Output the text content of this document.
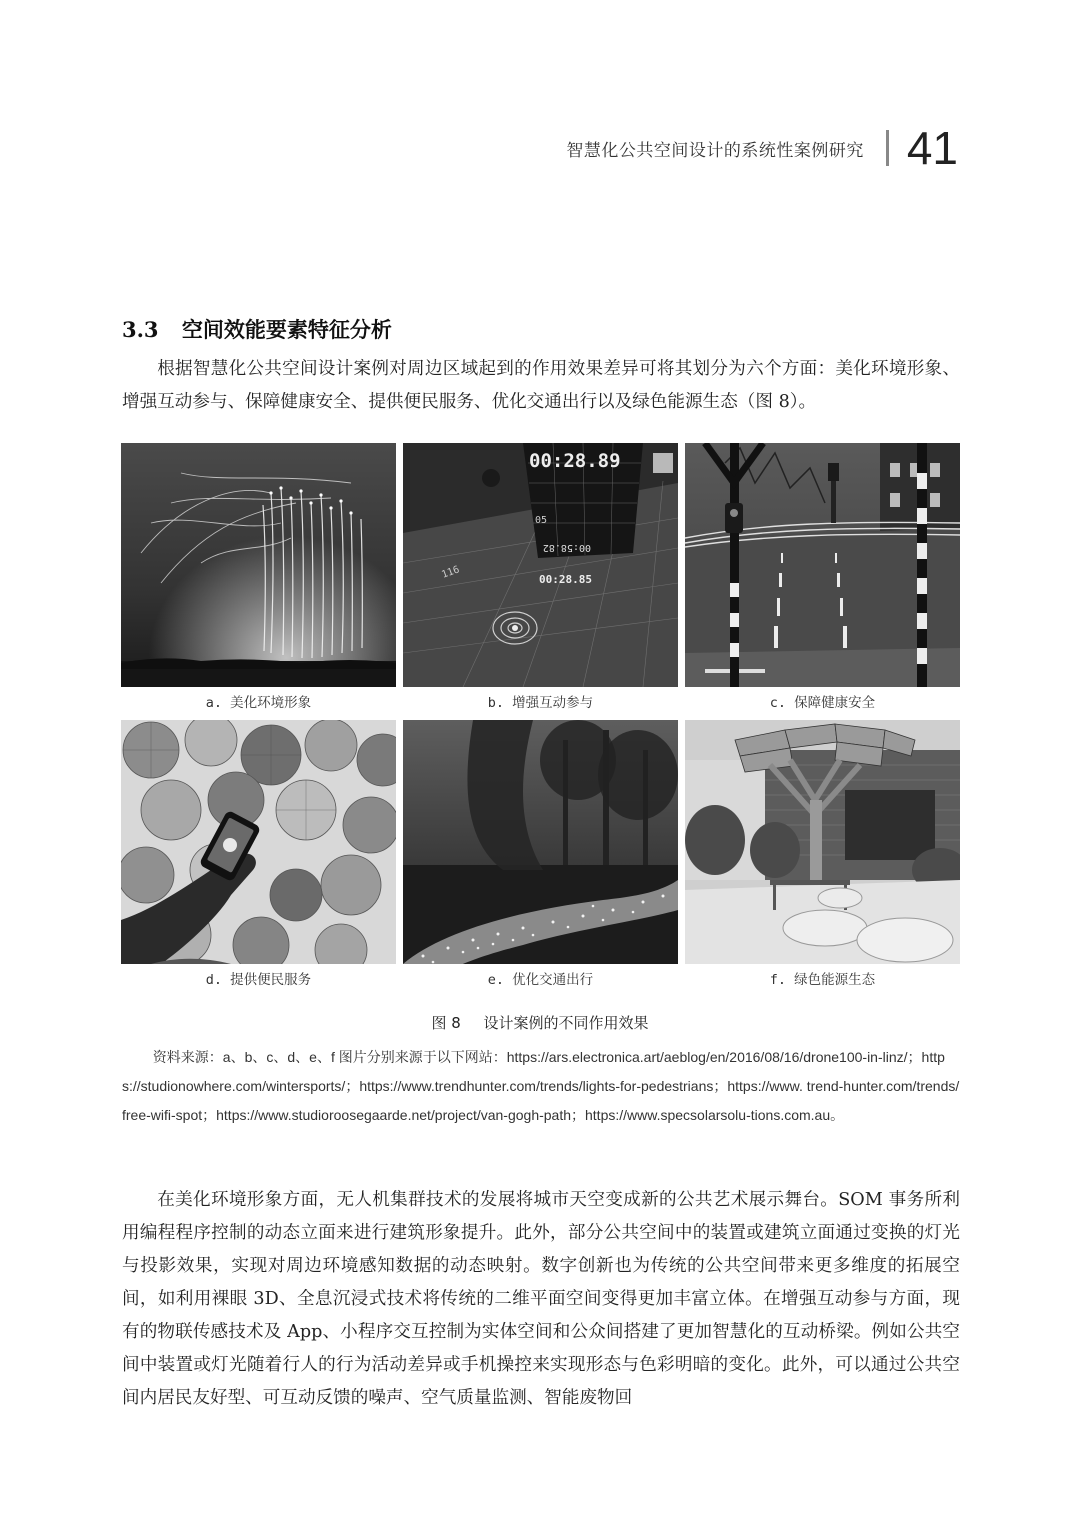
智慧化公共空间设计的系统性案例研究 41
3.3 空间效能要素特征分析

根据智慧化公共空间设计案例对周边区域起到的作用效果差异可将其划分为六个方面：美化环境形象、增强互动参与、保障健康安全、提供便民服务、优化交通出行以及绿色能源生态（图 8）。

a. 美化环境形象
00:28.89
00:58.82
00:28.85
116
05
b. 增强互动参与	c. 保障健康安全
d. 提供便民服务	e. 优化交通出行	f. 绿色能源生态
图 8 设计案例的不同作用效果
资料来源：a、b、c、d、e、f 图片分别来源于以下网站：https://ars.electronica.art/aeblog/en/2016/08/16/drone100-in-linz/；https://studionowhere.com/wintersports/；https://www.trendhunter.com/trends/lights-for-pedestrians；https://www. trend-hunter.com/trends/free-wifi-spot；https://www.studioroosegaarde.net/project/van-gogh-path；https://www.specsolarsolu-tions.com.au。

在美化环境形象方面，无人机集群技术的发展将城市天空变成新的公共艺术展示舞台。SOM 事务所利用编程程序控制的动态立面来进行建筑形象提升。此外，部分公共空间中的装置或建筑立面通过变换的灯光与投影效果，实现对周边环境感知数据的动态映射。数字创新也为传统的公共空间带来更多维度的拓展空间，如利用裸眼 3D、全息沉浸式技术将传统的二维平面空间变得更加丰富立体。在增强互动参与方面，现有的物联传感技术及 App、小程序交互控制为实体空间和公众间搭建了更加智慧化的互动桥梁。例如公共空间中装置或灯光随着行人的行为活动差异或手机操控来实现形态与色彩明暗的变化。此外，可以通过公共空间内居民友好型、可互动反馈的噪声、空气质量监测、智能废物回
